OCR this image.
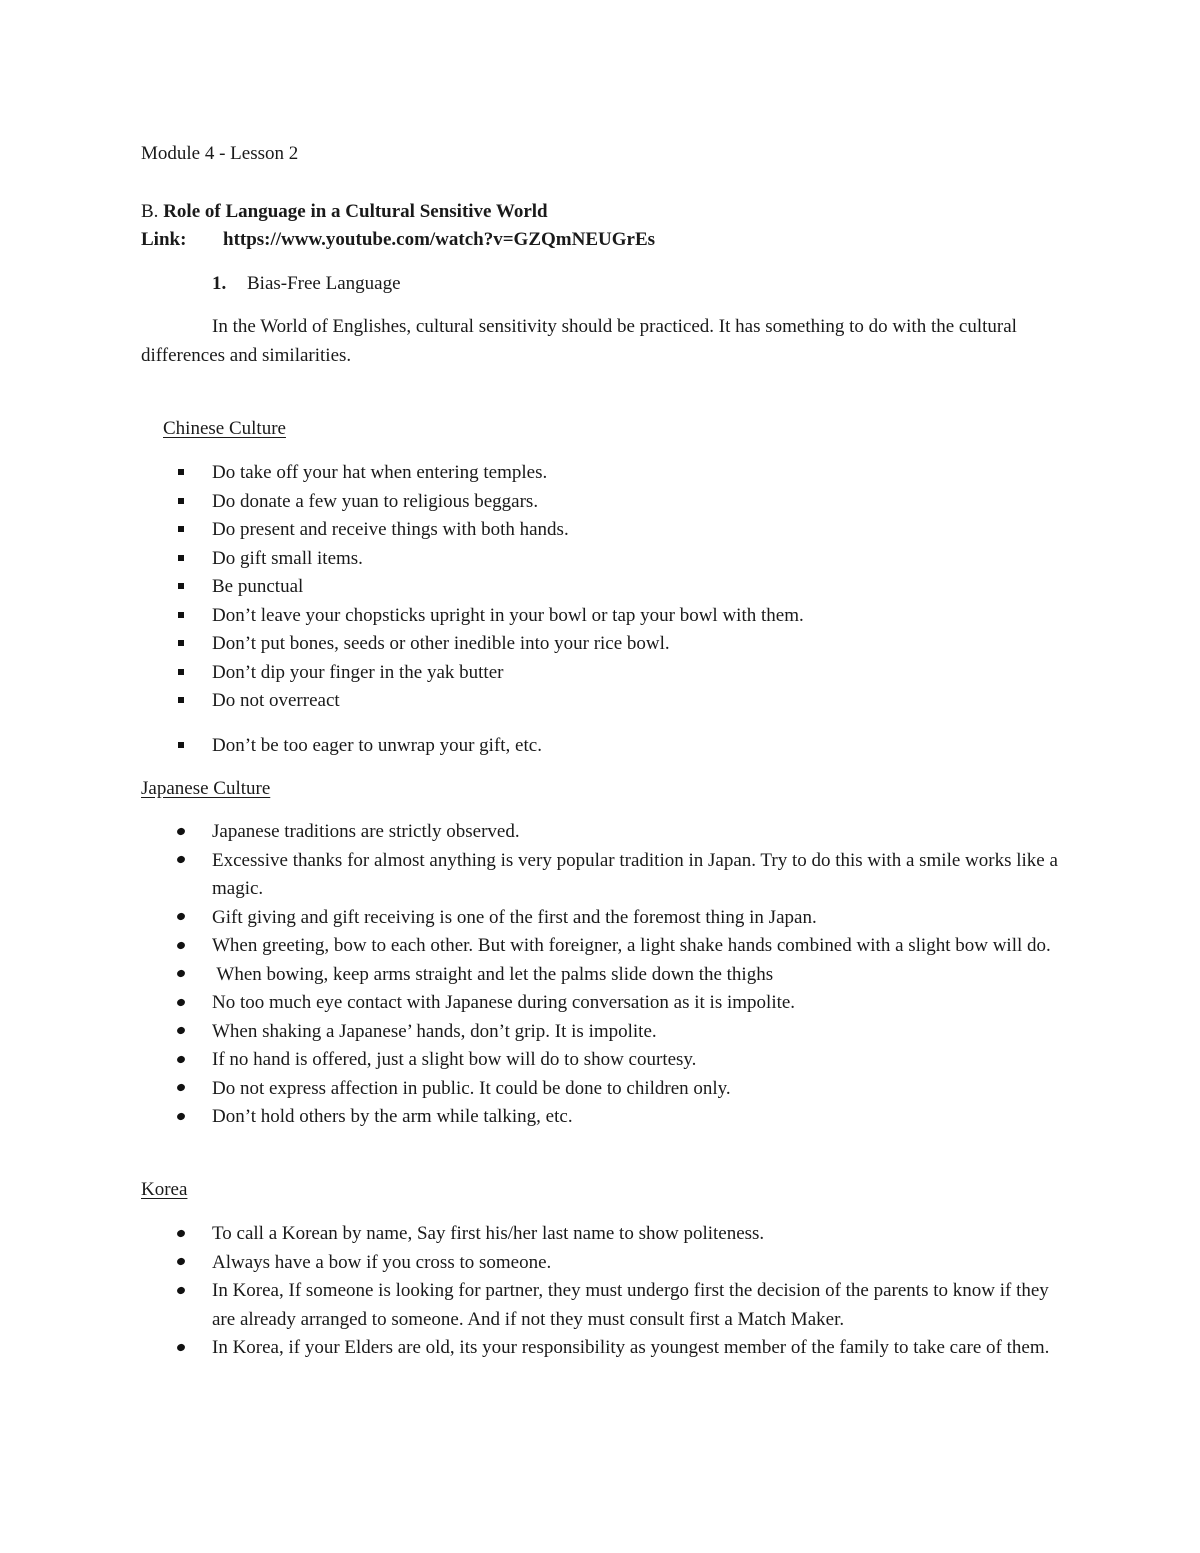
Module 4 - Lesson 2
B. Role of Language in a Cultural Sensitive World
Link: https://www.youtube.com/watch?v=GZQmNEUGrEs
1. Bias-Free Language
In the World of Englishes, cultural sensitivity should be practiced. It has something to do with the cultural differences and similarities.
Chinese Culture
Do take off your hat when entering temples.
Do donate a few yuan to religious beggars.
Do present and receive things with both hands.
Do gift small items.
Be punctual
Don’t leave your chopsticks upright in your bowl or tap your bowl with them.
Don’t put bones, seeds or other inedible into your rice bowl.
Don’t dip your finger in the yak butter
Do not overreact
Don’t be too eager to unwrap your gift, etc.
Japanese Culture
Japanese traditions are strictly observed.
Excessive thanks for almost anything is very popular tradition in Japan. Try to do this with a smile works like a magic.
Gift giving and gift receiving is one of the first and the foremost thing in Japan.
When greeting, bow to each other. But with foreigner, a light shake hands combined with a slight bow will do.
When bowing, keep arms straight and let the palms slide down the thighs
No too much eye contact with Japanese during conversation as it is impolite.
When shaking a Japanese’ hands, don’t grip. It is impolite.
If no hand is offered, just a slight bow will do to show courtesy.
Do not express affection in public. It could be done to children only.
Don’t hold others by the arm while talking, etc.
Korea
To call a Korean by name, Say first his/her last name to show politeness.
Always have a bow if you cross to someone.
In Korea, If someone is looking for partner, they must undergo first the decision of the parents to know if they are already arranged to someone. And if not they must consult first a Match Maker.
In Korea, if your Elders are old, its your responsibility as youngest member of the family to take care of them.
